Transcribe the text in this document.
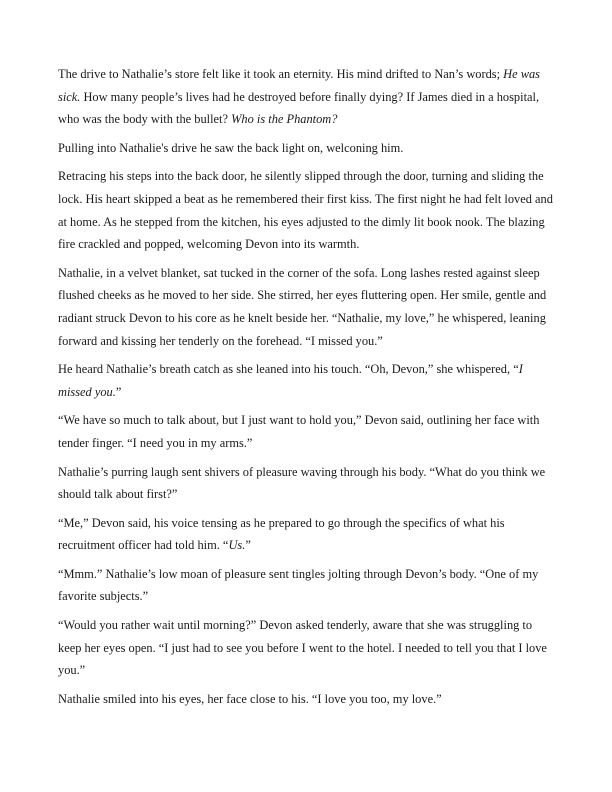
The drive to Nathalie’s store felt like it took an eternity. His mind drifted to Nan’s words; He was sick. How many people’s lives had he destroyed before finally dying? If James died in a hospital, who was the body with the bullet? Who is the Phantom?

Pulling into Nathalie's drive he saw the back light on, welconing him.

Retracing his steps into the back door, he silently slipped through the door, turning and sliding the lock. His heart skipped a beat as he remembered their first kiss. The first night he had felt loved and at home. As he stepped from the kitchen, his eyes adjusted to the dimly lit book nook. The blazing fire crackled and popped, welcoming Devon into its warmth.

Nathalie, in a velvet blanket, sat tucked in the corner of the sofa. Long lashes rested against sleep flushed cheeks as he moved to her side. She stirred, her eyes fluttering open. Her smile, gentle and radiant struck Devon to his core as he knelt beside her. “Nathalie, my love,” he whispered, leaning forward and kissing her tenderly on the forehead. “I missed you.”

He heard Nathalie’s breath catch as she leaned into his touch. “Oh, Devon,” she whispered, “I missed you.”

“We have so much to talk about, but I just want to hold you,” Devon said, outlining her face with tender finger. “I need you in my arms.”

Nathalie’s purring laugh sent shivers of pleasure waving through his body. “What do you think we should talk about first?”

“Me,” Devon said, his voice tensing as he prepared to go through the specifics of what his recruitment officer had told him. “Us.”

“Mmm.” Nathalie’s low moan of pleasure sent tingles jolting through Devon’s body. “One of my favorite subjects.”

“Would you rather wait until morning?” Devon asked tenderly, aware that she was struggling to keep her eyes open. “I just had to see you before I went to the hotel. I needed to tell you that I love you.”

Nathalie smiled into his eyes, her face close to his. “I love you too, my love.”
